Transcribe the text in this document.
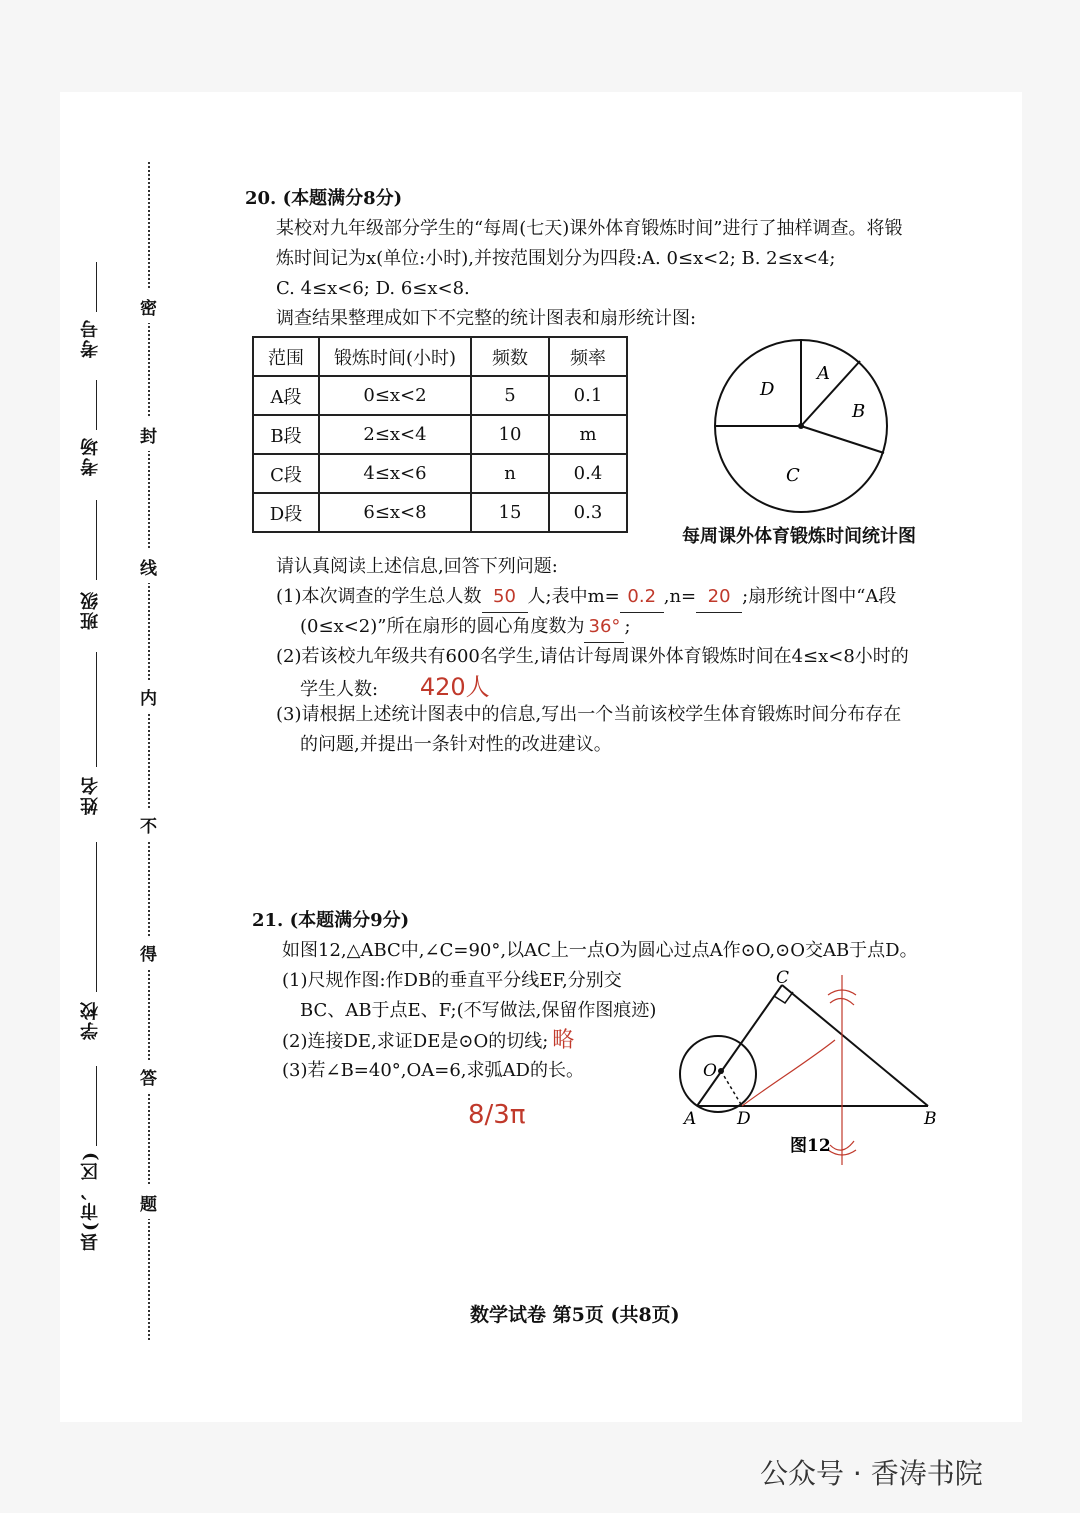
考号
考场
班级
姓名
学校
县(市、区)
密
封
线
内
不
得
答
题
20. (本题满分8分)
某校对九年级部分学生的“每周(七天)课外体育锻炼时间”进行了抽样调查。将锻
炼时间记为x(单位:小时),并按范围划分为四段:A. 0≤x<2; B. 2≤x<4;
C. 4≤x<6; D. 6≤x<8.
调查结果整理成如下不完整的统计图表和扇形统计图:
范围	锻炼时间(小时)	频数	频率
A段	0≤x<2	5	0.1
B段	2≤x<4	10	m
C段	4≤x<6	n	0.4
D段	6≤x<8	15	0.3
A
B
C
D
每周课外体育锻炼时间统计图
请认真阅读上述信息,回答下列问题:
(1)本次调查的学生总人数 50 人;表中m= 0.2 ,n= 20 ;扇形统计图中“A段
(0≤x<2)”所在扇形的圆心角度数为 36° ;
(2)若该校九年级共有600名学生,请估计每周课外体育锻炼时间在4≤x<8小时的
学生人数: 420人
(3)请根据上述统计图表中的信息,写出一个当前该校学生体育锻炼时间分布存在
的问题,并提出一条针对性的改进建议。
21. (本题满分9分)
如图12,△ABC中,∠C=90°,以AC上一点O为圆心过点A作⊙O,⊙O交AB于点D。
(1)尺规作图:作DB的垂直平分线EF,分别交
BC、AB于点E、F;(不写做法,保留作图痕迹)
(2)连接DE,求证DE是⊙O的切线; 略
(3)若∠B=40°,OA=6,求弧AD的长。
8/3π
C
O
A D	B
图12
数学试卷 第5页 (共8页)
公众号 · 香涛书院
